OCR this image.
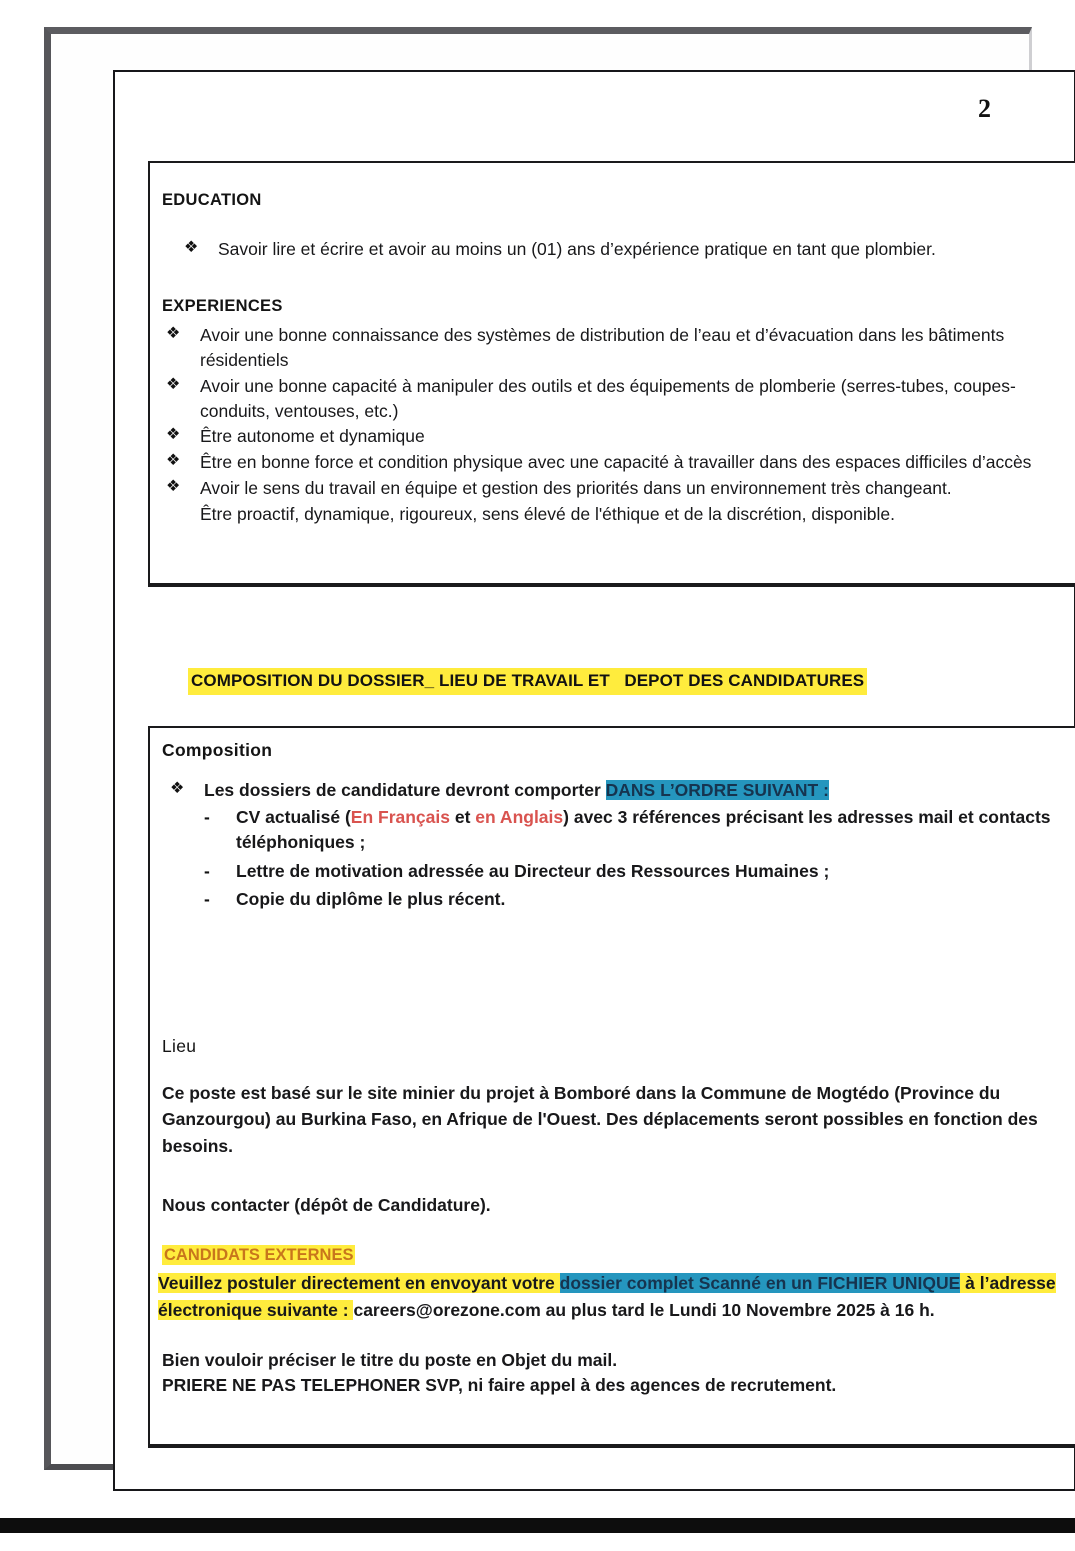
2
EDUCATION
❖	Savoir lire et écrire et avoir au moins un (01) ans d’expérience pratique en tant que plombier.
EXPERIENCES
❖	Avoir une bonne connaissance des systèmes de distribution de l’eau et d’évacuation dans les bâtiments résidentiels
❖	Avoir une bonne capacité à manipuler des outils et des équipements de plomberie (serres-tubes, coupes-conduits, ventouses, etc.)
❖	Être autonome et dynamique
❖	Être en bonne force et condition physique avec une capacité à travailler dans des espaces difficiles d’accès
❖	Avoir le sens du travail en équipe et gestion des priorités dans un environnement très changeant.
Être proactif, dynamique, rigoureux, sens élevé de l'éthique et de la discrétion, disponible.
COMPOSITION DU DOSSIER_ LIEU DE TRAVAIL ET   DEPOT DES CANDIDATURES
Composition
❖	Les dossiers de candidature devront comporter DANS L’ORDRE SUIVANT :
-	CV actualisé (En Français et en Anglais) avec 3 références précisant les adresses mail et contacts téléphoniques ;
-	Lettre de motivation adressée au Directeur des Ressources Humaines ;
-	Copie du diplôme le plus récent.
Lieu
Ce poste est basé sur le site minier du projet à Bomboré dans la Commune de Mogtédo (Province du Ganzourgou) au Burkina Faso, en Afrique de l'Ouest. Des déplacements seront possibles en fonction des besoins.
Nous contacter (dépôt de Candidature).
CANDIDATS EXTERNES
Veuillez postuler directement en envoyant votre dossier complet Scanné en un FICHIER UNIQUE à l’adresse électronique suivante : careers@orezone.com au plus tard le Lundi 10 Novembre 2025 à 16 h.
Bien vouloir préciser le titre du poste en Objet du mail.
PRIERE NE PAS TELEPHONER SVP, ni faire appel à des agences de recrutement.
